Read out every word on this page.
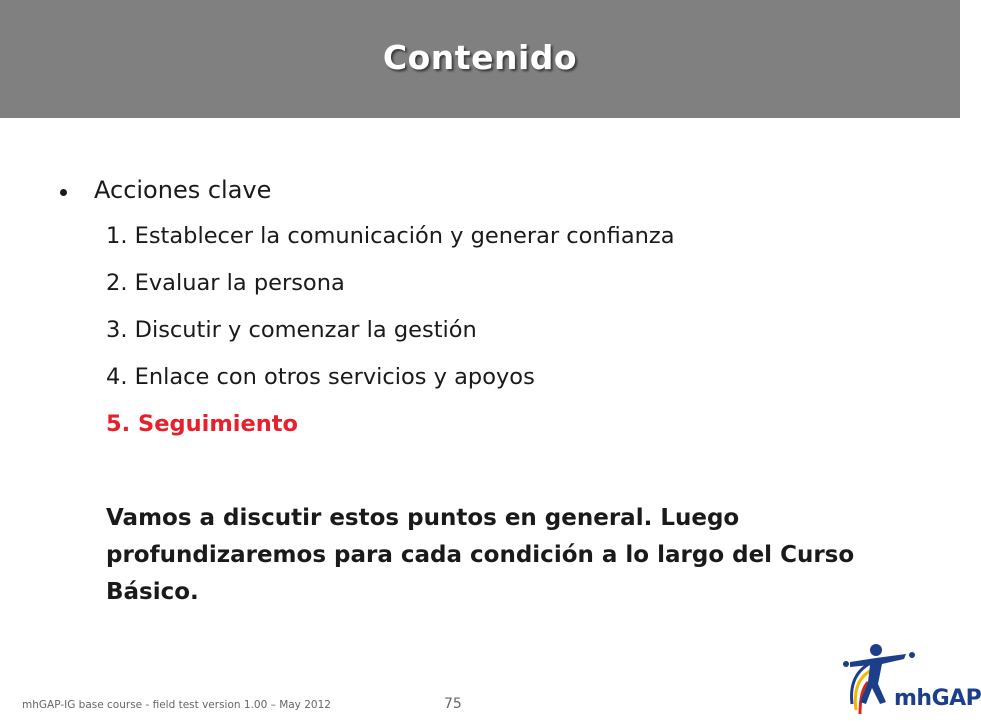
Contenido
Acciones clave
1. Establecer la comunicación y generar confianza
2. Evaluar la persona
3. Discutir y comenzar la gestión
4. Enlace con otros servicios y apoyos
5. Seguimiento
Vamos a discutir estos puntos en general. Luego profundizaremos para cada condición a lo largo del Curso Básico.
mhGAP-IG base course - field test version 1.00 – May 2012	75	mhGAP
